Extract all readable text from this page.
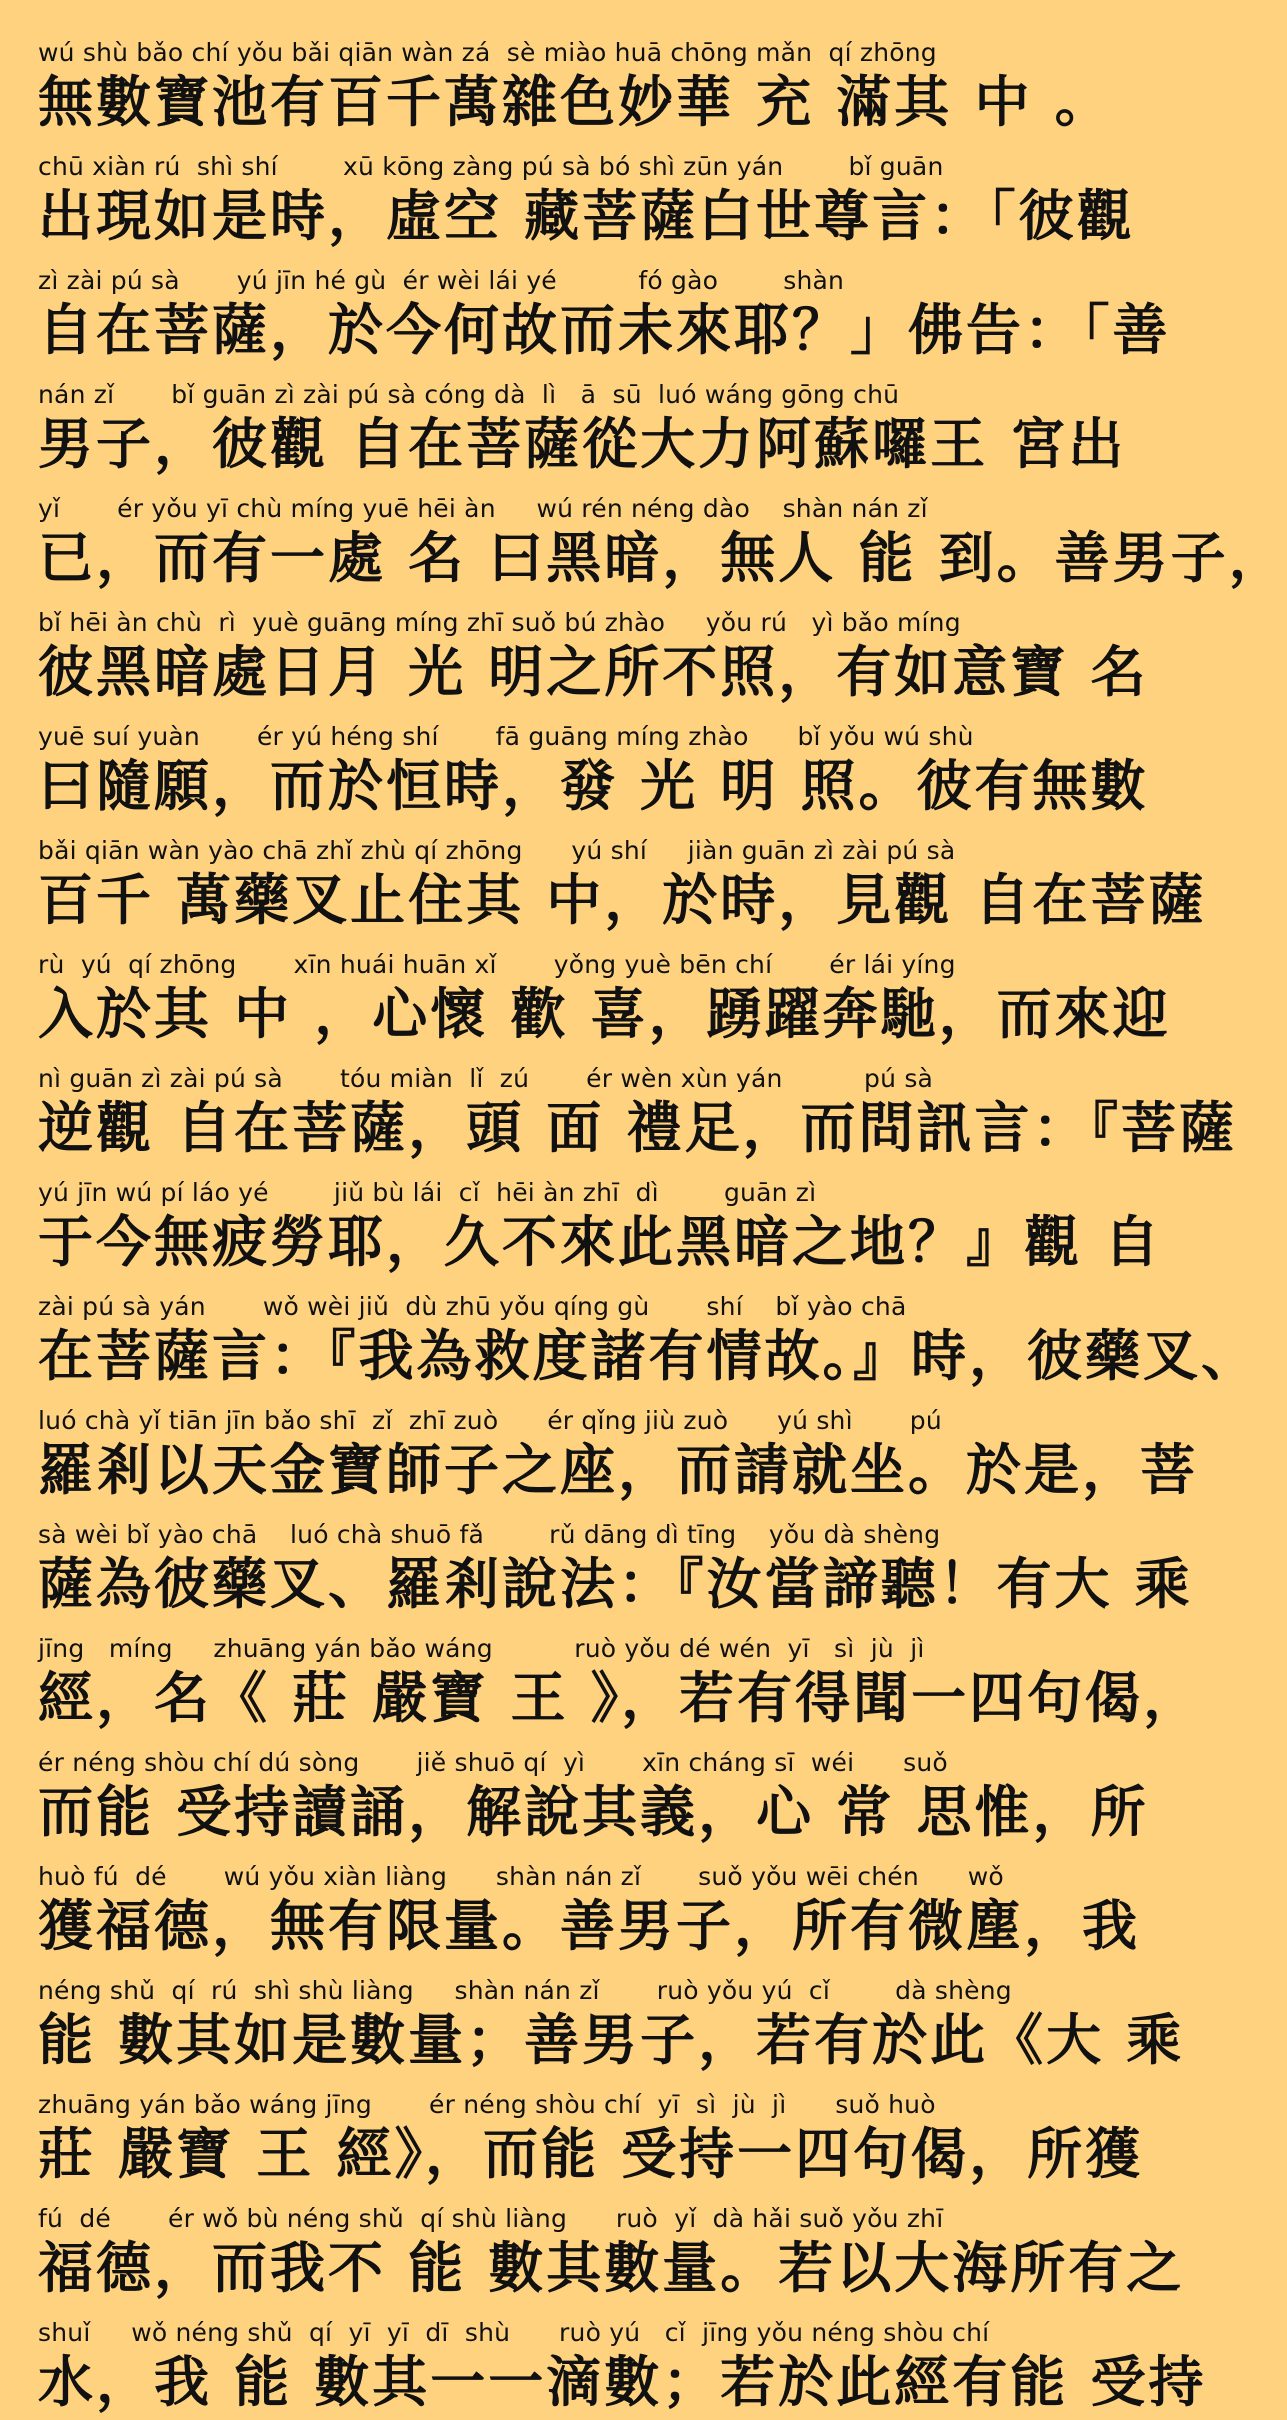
wú shù bǎo chí yǒu bǎi qiān wàn zá  sè miào huā chōng mǎn  qí zhōng
無數寶池有百千萬雜色妙華 充 滿其 中 。
chū xiàn rú  shì shí        xū kōng zàng pú sà bó shì zūn yán        bǐ guān
出現如是時，虛空 藏菩薩白世尊言：「彼觀
zì zài pú sà       yú jīn hé gù  ér wèi lái yé          fó gào        shàn
自在菩薩，於今何故而未來耶？」佛告：「善
nán zǐ       bǐ guān zì zài pú sà cóng dà  lì   ā  sū  luó wáng gōng chū
男子，彼觀 自在菩薩從大力阿蘇囉王 宮出
yǐ       ér yǒu yī chù míng yuē hēi àn     wú rén néng dào    shàn nán zǐ
已，而有一處 名 曰黑暗，無人 能 到。善男子，
bǐ hēi àn chù  rì  yuè guāng míng zhī suǒ bú zhào     yǒu rú   yì bǎo míng
彼黑暗處日月 光 明之所不照，有如意寶 名
yuē suí yuàn       ér yú héng shí       fā guāng míng zhào      bǐ yǒu wú shù
曰隨願，而於恒時，發 光 明 照。彼有無數
bǎi qiān wàn yào chā zhǐ zhù qí zhōng      yú shí     jiàn guān zì zài pú sà
百千 萬藥叉止住其 中，於時，見觀 自在菩薩
rù  yú  qí zhōng       xīn huái huān xǐ       yǒng yuè bēn chí       ér lái yíng
入於其 中 ，心懷 歡 喜，踴躍奔馳，而來迎
nì guān zì zài pú sà       tóu miàn  lǐ  zú       ér wèn xùn yán          pú sà
逆觀 自在菩薩，頭 面 禮足，而問訊言：『菩薩
yú jīn wú pí láo yé        jiǔ bù lái  cǐ  hēi àn zhī  dì        guān zì
于今無疲勞耶，久不來此黑暗之地？』觀 自
zài pú sà yán       wǒ wèi jiǔ  dù zhū yǒu qíng gù       shí    bǐ yào chā
在菩薩言：『我為救度諸有情故。』時，彼藥叉、
luó chà yǐ tiān jīn bǎo shī  zǐ  zhī zuò      ér qǐng jiù zuò      yú shì       pú
羅剎以天金寶師子之座，而請就坐。於是，菩
sà wèi bǐ yào chā    luó chà shuō fǎ        rǔ dāng dì tīng    yǒu dà shèng
薩為彼藥叉、羅剎說法：『汝當諦聽！有大 乘
jīng   míng     zhuāng yán bǎo wáng          ruò yǒu dé wén  yī   sì  jù  jì
經，名《 莊 嚴寶 王 》，若有得聞一四句偈，
ér néng shòu chí dú sòng       jiě shuō qí  yì       xīn cháng sī  wéi      suǒ
而能 受持讀誦，解說其義，心 常 思惟，所
huò fú  dé       wú yǒu xiàn liàng      shàn nán zǐ       suǒ yǒu wēi chén      wǒ
獲福德，無有限量。善男子，所有微塵，我
néng shǔ  qí  rú  shì shù liàng     shàn nán zǐ       ruò yǒu yú  cǐ        dà shèng
能 數其如是數量；善男子，若有於此《大 乘
zhuāng yán bǎo wáng jīng       ér néng shòu chí  yī  sì  jù  jì      suǒ huò
莊 嚴寶 王 經》，而能 受持一四句偈，所獲
fú  dé       ér wǒ bù néng shǔ  qí shù liàng      ruò  yǐ  dà hǎi suǒ yǒu zhī
福德，而我不 能 數其數量。若以大海所有之
shuǐ     wǒ néng shǔ  qí  yī  yī  dī  shù      ruò yú   cǐ  jīng yǒu néng shòu chí
水，我 能 數其一一滴數；若於此經有能 受持
